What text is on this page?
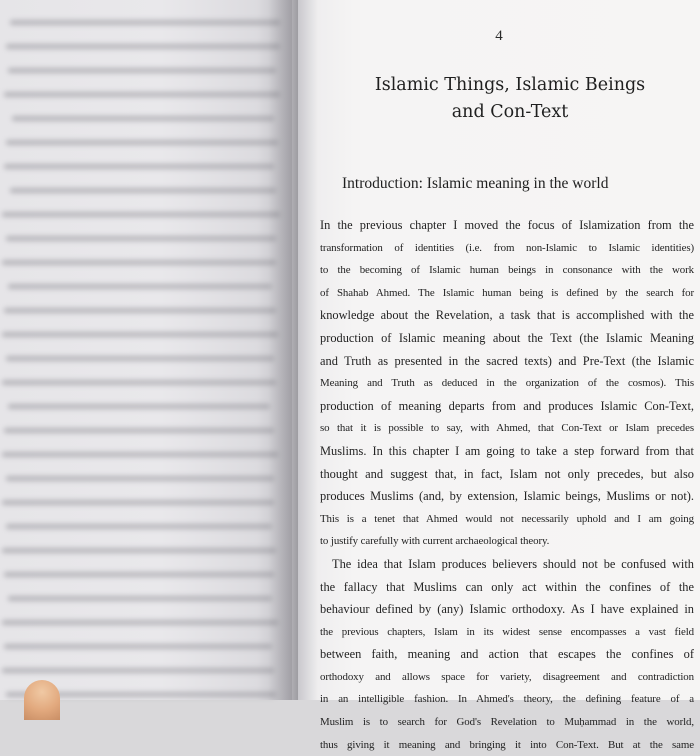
4
Islamic Things, Islamic Beings
and Con-Text
Introduction: Islamic meaning in the world
In the previous chapter I moved the focus of Islamization from the
transformation of identities (i.e. from non-Islamic to Islamic identities)
to the becoming of Islamic human beings in consonance with the work
of Shahab Ahmed. The Islamic human being is defined by the search for
knowledge about the Revelation, a task that is accomplished with the
production of Islamic meaning about the Text (the Islamic Meaning
and Truth as presented in the sacred texts) and Pre-Text (the Islamic
Meaning and Truth as deduced in the organization of the cosmos). This
production of meaning departs from and produces Islamic Con-Text,
so that it is possible to say, with Ahmed, that Con-Text or Islam precedes
Muslims. In this chapter I am going to take a step forward from that
thought and suggest that, in fact, Islam not only precedes, but also
produces Muslims (and, by extension, Islamic beings, Muslims or not).
This is a tenet that Ahmed would not necessarily uphold and I am going
to justify carefully with current archaeological theory.
The idea that Islam produces believers should not be confused with
the fallacy that Muslims can only act within the confines of the
behaviour defined by (any) Islamic orthodoxy. As I have explained in
the previous chapters, Islam in its widest sense encompasses a vast field
between faith, meaning and action that escapes the confines of
orthodoxy and allows space for variety, disagreement and contradiction
in an intelligible fashion. In Ahmed's theory, the defining feature of a
Muslim is to search for God's Revelation to Muḥammad in the world,
thus giving it meaning and bringing it into Con-Text. But at the same
